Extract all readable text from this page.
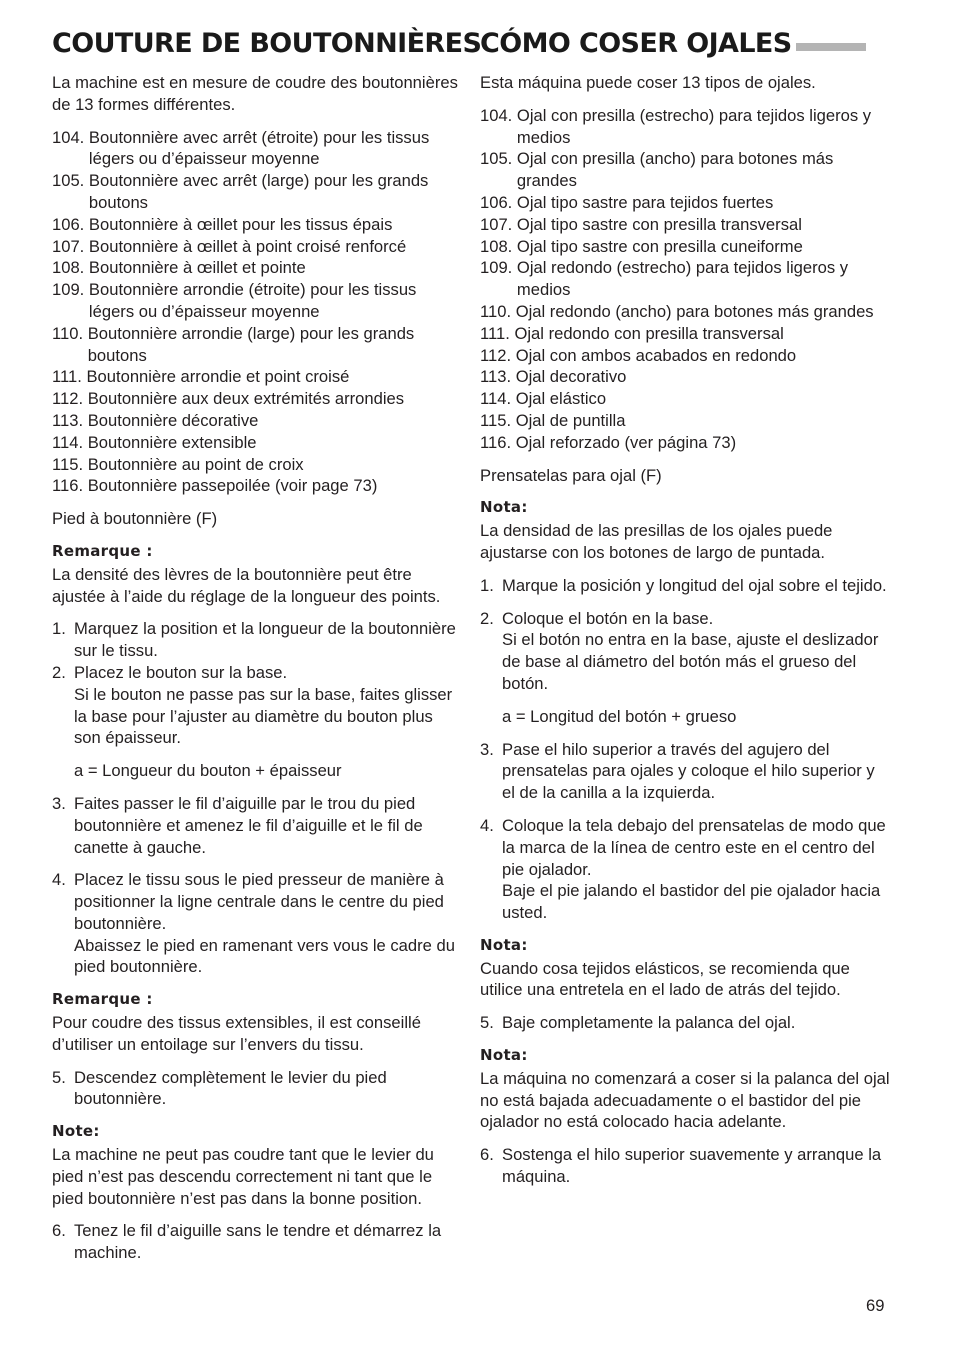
COUTURE DE BOUTONNIÈRES

La machine est en mesure de coudre des boutonnières de 13 formes différentes.

104. Boutonnière avec arrêt (étroite) pour les tissus légers ou d’épaisseur moyenne
105. Boutonnière avec arrêt (large) pour les grands boutons
106. Boutonnière à œillet pour les tissus épais
107. Boutonnière à œillet à point croisé renforcé
108. Boutonnière à œillet et pointe
109. Boutonnière arrondie (étroite) pour les tissus légers ou d’épaisseur moyenne
110. Boutonnière arrondie (large) pour les grands boutons
111. Boutonnière arrondie et point croisé
112. Boutonnière aux deux extrémités arrondies
113. Boutonnière décorative
114. Boutonnière extensible
115. Boutonnière au point de croix
116. Boutonnière passepoilée (voir page 73)

Pied à boutonnière (F)

Remarque :
La densité des lèvres de la boutonnière peut être ajustée à l’aide du réglage de la longueur des points.
1. Marquez la position et la longueur de la boutonnière sur le tissu.
2. Placez le bouton sur la base.
Si le bouton ne passe pas sur la base, faites glisser la base pour l’ajuster au diamètre du bouton plus son épaisseur.
a = Longueur du bouton + épaisseur
3. Faites passer le fil d’aiguille par le trou du pied boutonnière et amenez le fil d’aiguille et le fil de canette à gauche.
4. Placez le tissu sous le pied presseur de manière à positionner la ligne centrale dans le centre du pied boutonnière.
Abaissez le pied en ramenant vers vous le cadre du pied boutonnière.
Remarque :
Pour coudre des tissus extensibles, il est conseillé d’utiliser un entoilage sur l’envers du tissu.
5. Descendez complètement le levier du pied boutonnière.
Note:
La machine ne peut pas coudre tant que le levier du pied n’est pas descendu correctement ni tant que le pied boutonnière n’est pas dans la bonne position.
6. Tenez le fil d’aiguille sans le tendre et démarrez la machine.
CÓMO COSER OJALES

Esta máquina puede coser 13 tipos de ojales.

104. Ojal con presilla (estrecho) para tejidos ligeros y medios
105. Ojal con presilla (ancho) para botones más grandes
106. Ojal tipo sastre para tejidos fuertes
107. Ojal tipo sastre con presilla transversal
108. Ojal tipo sastre con presilla cuneiforme
109. Ojal redondo (estrecho) para tejidos ligeros y medios
110. Ojal redondo (ancho) para botones más grandes
111. Ojal redondo con presilla transversal
112. Ojal con ambos acabados en redondo
113. Ojal decorativo
114. Ojal elástico
115. Ojal de puntilla
116. Ojal reforzado (ver página 73)

Prensatelas para ojal (F)

Nota:
La densidad de las presillas de los ojales puede ajustarse con los botones de largo de puntada.
1. Marque la posición y longitud del ojal sobre el tejido.
2. Coloque el botón en la base.
Si el botón no entra en la base, ajuste el deslizador de base al diámetro del botón más el grueso del botón.
a = Longitud del botón + grueso
3. Pase el hilo superior a través del agujero del prensatelas para ojales y coloque el hilo superior y el de la canilla a la izquierda.
4. Coloque la tela debajo del prensatelas de modo que la marca de la línea de centro este en el centro del pie ojalador.
Baje el pie jalando el bastidor del pie ojalador hacia usted.
Nota:
Cuando cosa tejidos elásticos, se recomienda que utilice una entretela en el lado de atrás del tejido.
5. Baje completamente la palanca del ojal.
Nota:
La máquina no comenzará a coser si la palanca del ojal no está bajada adecuadamente o el bastidor del pie ojalador no está colocado hacia adelante.
6. Sostenga el hilo superior suavemente y arranque la máquina.
69
